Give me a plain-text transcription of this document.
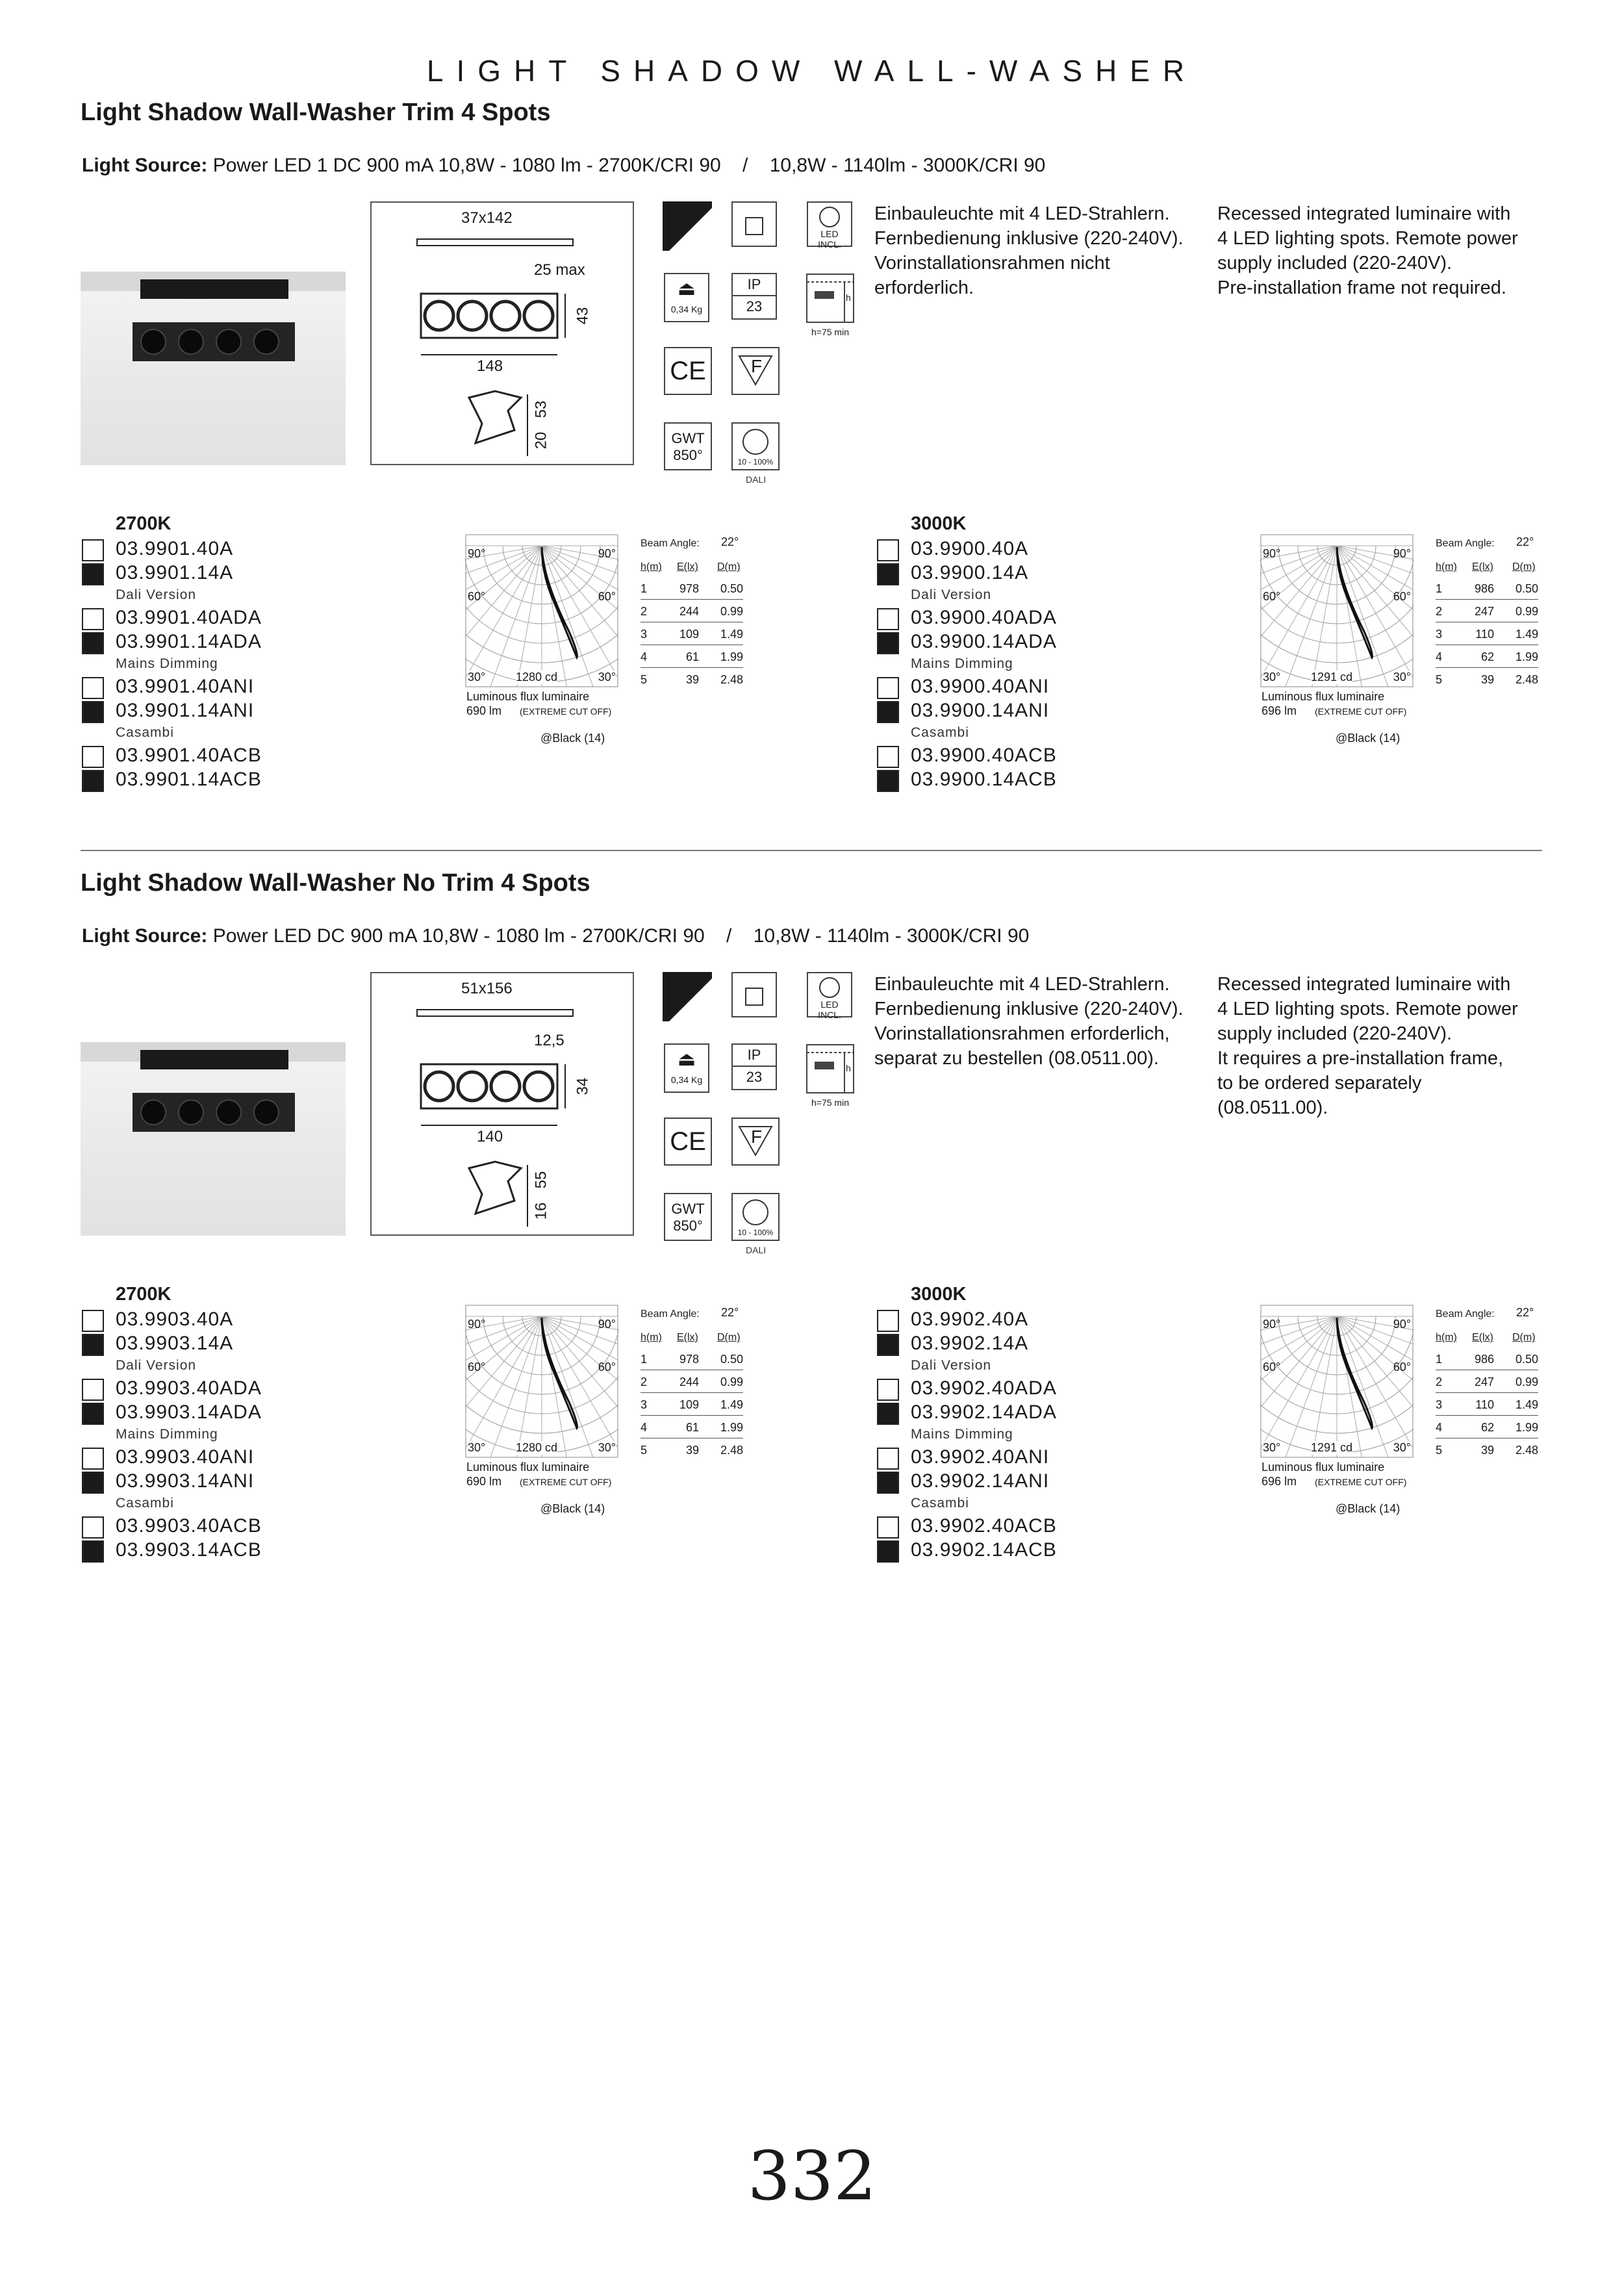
LIGHT SHADOW WALL-WASHER
Light Shadow Wall-Washer Trim 4 Spots
Light Source: Power LED 1 DC 900 mA 10,8W - 1080 lm - 2700K/CRI 90    /    10,8W - 1140lm - 3000K/CRI 90
37x142
25 max
43
148
53
20
LED INCL.
⏏
0,34 Kg
IP
23
h
h=75 min
CE	F
GWT
850°	10 - 100%
DALI
Einbauleuchte mit 4 LED-Strahlern.
Fernbedienung inklusive (220-240V).
Vorinstallationsrahmen nicht
erforderlich.
Recessed integrated luminaire with
4 LED lighting spots. Remote power
supply included (220-240V).
Pre-installation frame not required.
2700K
03.9901.40A
03.9901.14A
Dali Version
03.9901.40ADA
03.9901.14ADA
Mains Dimming
03.9901.40ANI
03.9901.14ANI
Casambi
03.9901.40ACB
03.9901.14ACB
90°	90°
60°	60°
30°	30°
1280 cd
Luminous flux luminaire
690 lm (EXTREME CUT OFF)
@Black (14)
Beam Angle: 22°
h(m) E(lx) D(m)
1	978	0.50
2	244	0.99
3	109	1.49
4	61	1.99
5	39	2.48
3000K
03.9900.40A
03.9900.14A
Dali Version
03.9900.40ADA
03.9900.14ADA
Mains Dimming
03.9900.40ANI
03.9900.14ANI
Casambi
03.9900.40ACB
03.9900.14ACB
90°	90°
60°	60°
30°	30°
1291 cd
Luminous flux luminaire
696 lm (EXTREME CUT OFF)
@Black (14)
Beam Angle: 22°
h(m) E(lx) D(m)
1	986	0.50
2	247	0.99
3	110	1.49
4	62	1.99
5	39	2.48
Light Shadow Wall-Washer No Trim 4 Spots
Light Source: Power LED DC 900 mA 10,8W - 1080 lm - 2700K/CRI 90    /    10,8W - 1140lm - 3000K/CRI 90
51x156
12,5
34
140
55
16
LED INCL.
⏏
0,34 Kg
IP
23
h
h=75 min
CE	F
GWT
850°	10 - 100%
DALI
Einbauleuchte mit 4 LED-Strahlern.
Fernbedienung inklusive (220-240V).
Vorinstallationsrahmen erforderlich,
separat zu bestellen (08.0511.00).
Recessed integrated luminaire with
4 LED lighting spots. Remote power
supply included (220-240V).
It requires a pre-installation frame,
to be ordered separately
(08.0511.00).
2700K
03.9903.40A
03.9903.14A
Dali Version
03.9903.40ADA
03.9903.14ADA
Mains Dimming
03.9903.40ANI
03.9903.14ANI
Casambi
03.9903.40ACB
03.9903.14ACB
90°	90°
60°	60°
30°	30°
1280 cd
Luminous flux luminaire
690 lm (EXTREME CUT OFF)
@Black (14)
Beam Angle: 22°
h(m) E(lx) D(m)
1	978	0.50
2	244	0.99
3	109	1.49
4	61	1.99
5	39	2.48
3000K
03.9902.40A
03.9902.14A
Dali Version
03.9902.40ADA
03.9902.14ADA
Mains Dimming
03.9902.40ANI
03.9902.14ANI
Casambi
03.9902.40ACB
03.9902.14ACB
90°	90°
60°	60°
30°	30°
1291 cd
Luminous flux luminaire
696 lm (EXTREME CUT OFF)
@Black (14)
Beam Angle: 22°
h(m) E(lx) D(m)
1	986	0.50
2	247	0.99
3	110	1.49
4	62	1.99
5	39	2.48
332
